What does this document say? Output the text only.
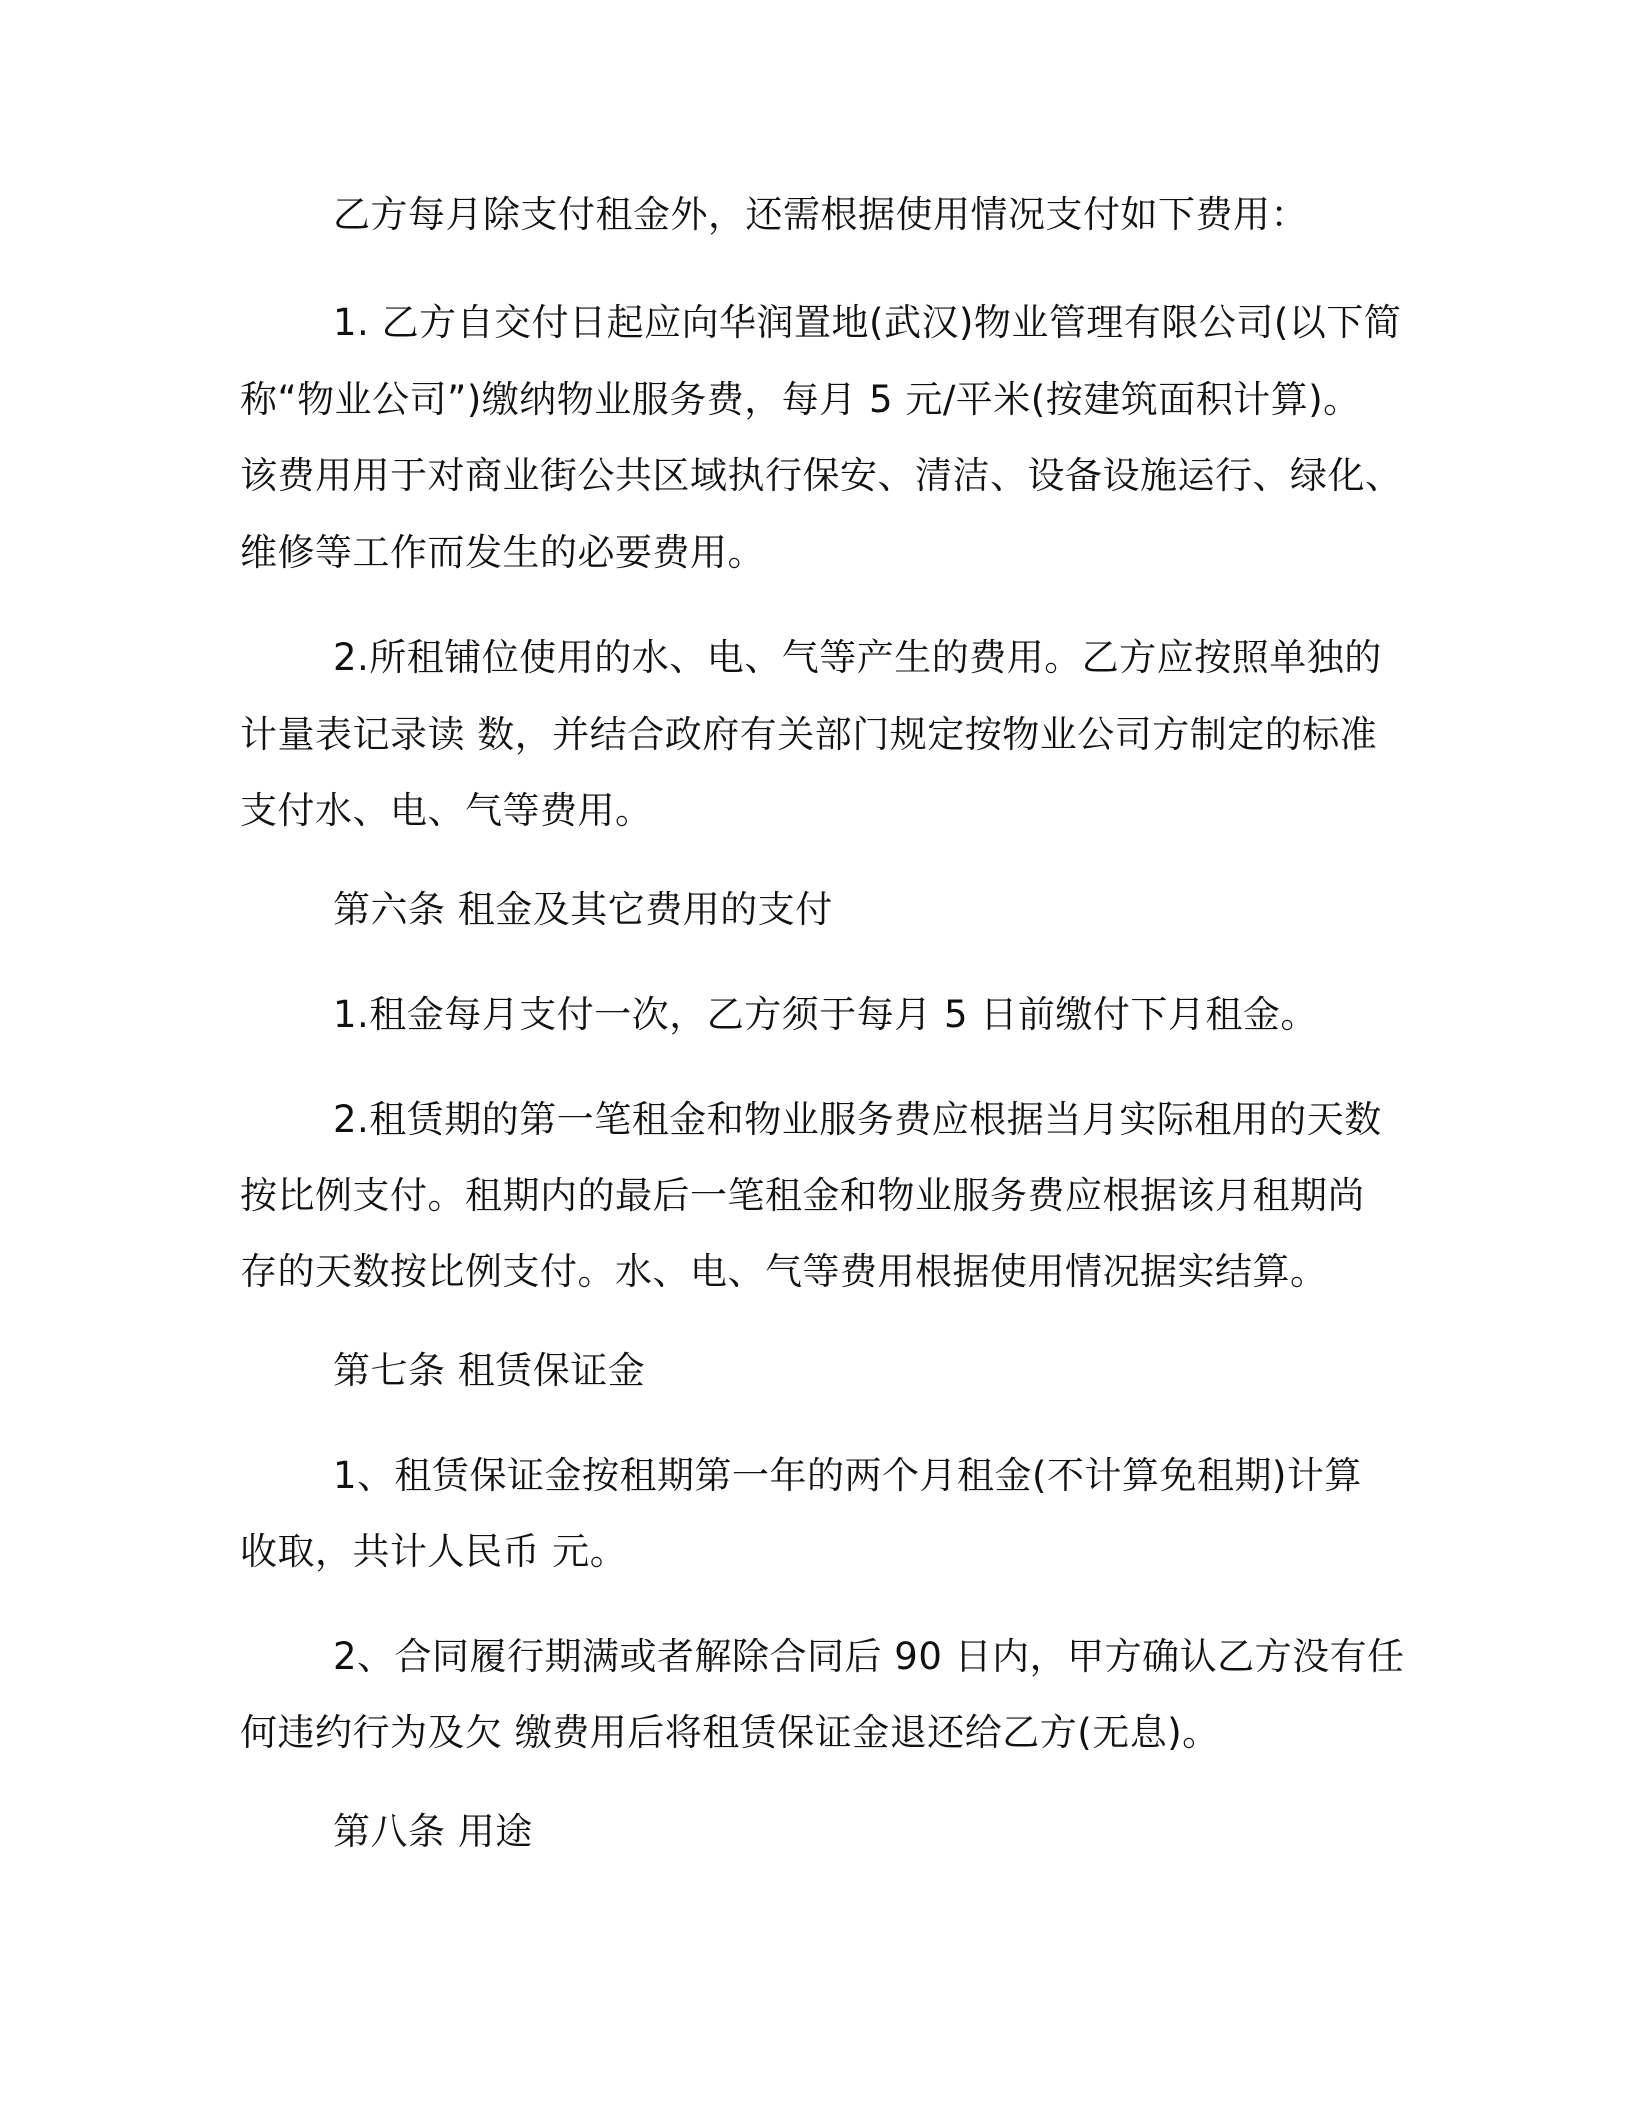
乙方每月除支付租金外，还需根据使用情况支付如下费用：
1. 乙方自交付日起应向华润置地(武汉)物业管理有限公司(以下简
称“物业公司”)缴纳物业服务费，每月 5 元/平米(按建筑面积计算)。
该费用用于对商业街公共区域执行保安、清洁、设备设施运行、绿化、
维修等工作而发生的必要费用。
2.所租铺位使用的水、电、气等产生的费用。乙方应按照单独的
计量表记录读 数，并结合政府有关部门规定按物业公司方制定的标准
支付水、电、气等费用。
第六条 租金及其它费用的支付
1.租金每月支付一次，乙方须于每月 5 日前缴付下月租金。
2.租赁期的第一笔租金和物业服务费应根据当月实际租用的天数
按比例支付。租期内的最后一笔租金和物业服务费应根据该月租期尚
存的天数按比例支付。水、电、气等费用根据使用情况据实结算。
第七条 租赁保证金
1、租赁保证金按租期第一年的两个月租金(不计算免租期)计算
收取，共计人民币 元。
2、合同履行期满或者解除合同后 90 日内，甲方确认乙方没有任
何违约行为及欠 缴费用后将租赁保证金退还给乙方(无息)。
第八条 用途
